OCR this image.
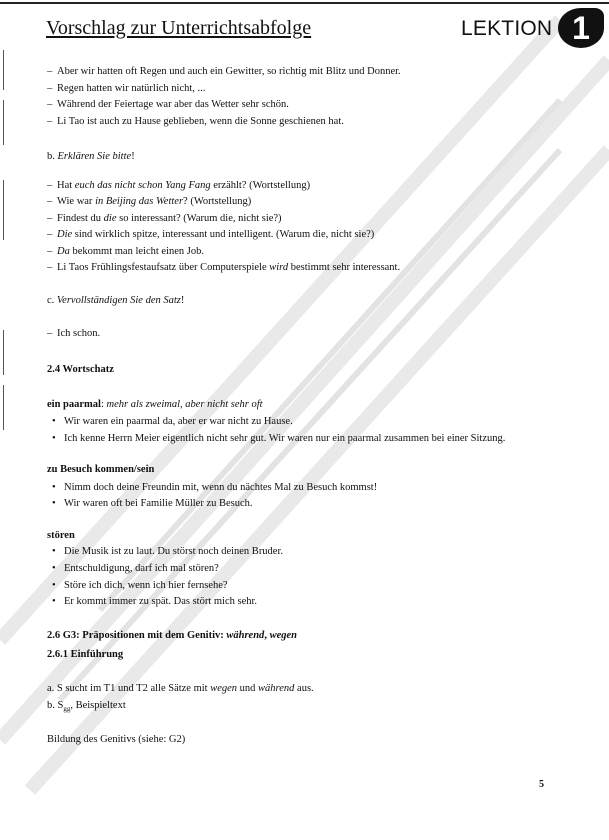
Vorschlag zur Unterrichtsabfolge	LEKTION 1
– Aber wir hatten oft Regen und auch ein Gewitter, so richtig mit Blitz und Donner.
– Regen hatten wir natürlich nicht, ...
– Während der Feiertage war aber das Wetter sehr schön.
– Li Tao ist auch zu Hause geblieben, wenn die Sonne geschienen hat.
b. Erklären Sie bitte!
– Hat euch das nicht schon Yang Fang erzählt? (Wortstellung)
– Wie war in Beijing das Wetter? (Wortstellung)
– Findest du die so interessant? (Warum die, nicht sie?)
– Die sind wirklich spitze, interessant und intelligent. (Warum die, nicht sie?)
– Da bekommt man leicht einen Job.
– Li Taos Frühlingsfestaufsatz über Computerspiele wird bestimmt sehr interessant.
c. Vervollständigen Sie den Satz!
– Ich schon.
2.4 Wortschatz
ein paarmal: mehr als zweimal, aber nicht sehr oft
• Wir waren ein paarmal da, aber er war nicht zu Hause.
• Ich kenne Herrn Meier eigentlich nicht sehr gut. Wir waren nur ein paarmal zusammen bei einer Sitzung.
zu Besuch kommen/sein
• Nimm doch deine Freundin mit, wenn du nächtes Mal zu Besuch kommst!
• Wir waren oft bei Familie Müller zu Besuch.
stören
• Die Musik ist zu laut. Du störst noch deinen Bruder.
• Entschuldigung, darf ich mal stören?
• Störe ich dich, wenn ich hier fernsehe?
• Er kommt immer zu spät. Das stört mich sehr.
2.6 G3: Präpositionen mit dem Genitiv: während, wegen
2.6.1 Einführung
a. S sucht im T1 und T2 alle Sätze mit wegen und während aus.
b. $S_{gg}$, Beispieltext
Bildung des Genitivs (siehe: G2)
5
